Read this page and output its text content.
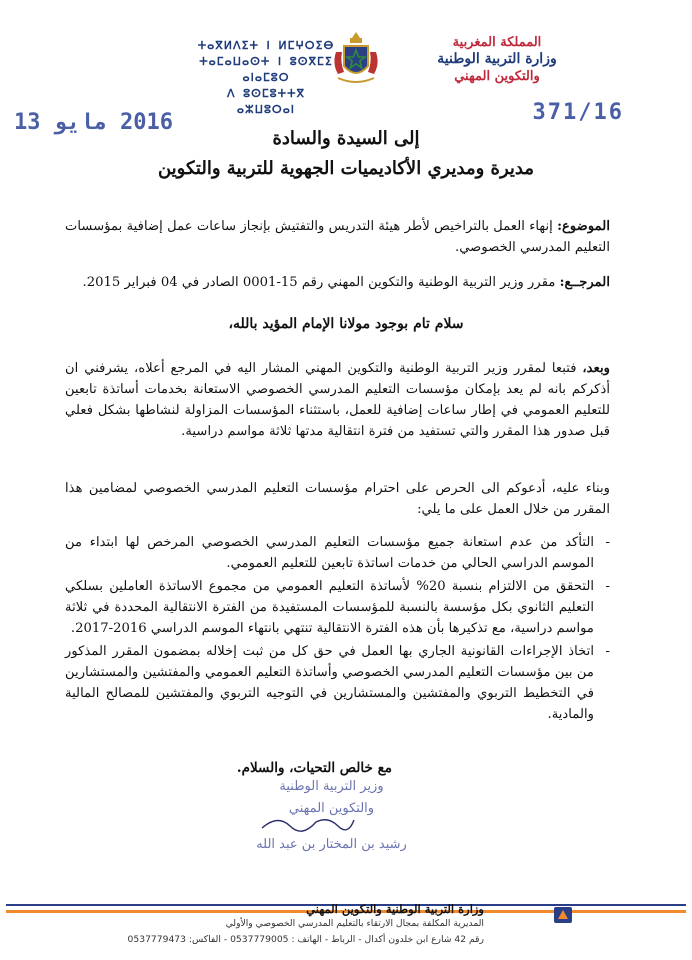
ⵜⴰⴳⵍⴷⵉⵜ ⵏ ⵍⵎⵖⵔⵉⴱ
ⵜⴰⵎⴰⵡⴰⵙⵜ ⵏ ⵓⵙⴳⵎⵉ ⴰⵏⴰⵎⵓⵔ
ⴷ ⵓⵙⵎⵓⵜⵜⴳ ⴰⵣⵡⵓⵔⴰⵏ
المملكة المغربية
وزارة التربية الوطنية
والتكوين المهني
2016 مايو 13	371/16
إلى السيدة والسادة
مديرة ومديري الأكاديميات الجهوية للتربية والتكوين
الموضوع: إنهاء العمل بالتراخيص لأطر هيئة التدريس والتفتيش بإنجاز ساعات عمل إضافية بمؤسسات التعليم المدرسي الخصوصي.
المرجــع: مقرر وزير التربية الوطنية والتكوين المهني رقم 15-0001 الصادر في 04 فبراير 2015.
سلام تام بوجود مولانا الإمام المؤيد بالله،
وبعد، فتبعا لمقرر وزير التربية الوطنية والتكوين المهني المشار اليه في المرجع أعلاه، يشرفني ان أذكركم بانه لم يعد بإمكان مؤسسات التعليم المدرسي الخصوصي الاستعانة بخدمات أساتذة تابعين للتعليم العمومي في إطار ساعات إضافية للعمل، باستثناء المؤسسات المزاولة لنشاطها بشكل فعلي قبل صدور هذا المقرر والتي تستفيد من فترة انتقالية مدتها ثلاثة مواسم دراسية.
وبناء عليه، أدعوكم الى الحرص على احترام مؤسسات التعليم المدرسي الخصوصي لمضامين هذا المقرر من خلال العمل على ما يلي:
- التأكد من عدم استعانة جميع مؤسسات التعليم المدرسي الخصوصي المرخص لها ابتداء من الموسم الدراسي الحالي من خدمات اساتذة تابعين للتعليم العمومي.
- التحقق من الالتزام بنسبة 20% لأساتذة التعليم العمومي من مجموع الاساتذة العاملين بسلكي التعليم الثانوي بكل مؤسسة بالنسبة للمؤسسات المستفيدة من الفترة الانتقالية المحددة في ثلاثة مواسم دراسية، مع تذكيرها بأن هذه الفترة الانتقالية تنتهي بانتهاء الموسم الدراسي 2016-2017.
- اتخاذ الإجراءات القانونية الجاري بها العمل في حق كل من ثبت إخلاله بمضمون المقرر المذكور من بين مؤسسات التعليم المدرسي الخصوصي وأساتذة التعليم العمومي والمفتشين والمستشارين في التخطيط التربوي والمفتشين والمستشارين في التوجيه التربوي والمفتشين للمصالح المالية والمادية.
مع خالص التحيات، والسلام.
وزير التربية الوطنية
والتكوين المهني
رشيد بن المختار بن عبد الله
وزارة التربية الوطنية والتكوين المهني
المديرية المكلفة بمجال الارتقاء بالتعليم المدرسي الخصوصي والأولي
رقم 42 شارع ابن خلدون أكدال - الرباط - الهاتف : 0537779005 - الفاكس: 0537779473
